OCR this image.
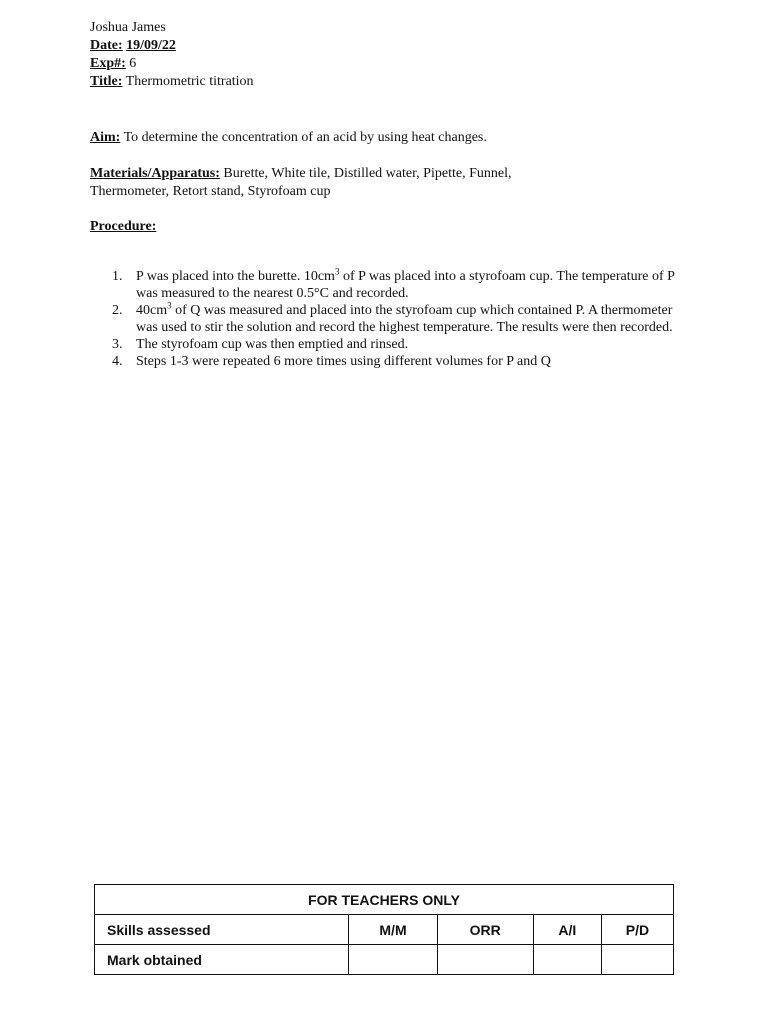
Joshua James
Date: 19/09/22
Exp#: 6
Title: Thermometric titration
Aim: To determine the concentration of an acid by using heat changes.
Materials/Apparatus: Burette, White tile, Distilled water, Pipette, Funnel,
Thermometer, Retort stand, Styrofoam cup
Procedure:
1. P was placed into the burette. $10cm^3$ of P was placed into a styrofoam cup. The temperature of P was measured to the nearest 0.5°C and recorded.
2. $40cm^3$ of Q was measured and placed into the styrofoam cup which contained P. A thermometer was used to stir the solution and record the highest temperature. The results were then recorded.
3. The styrofoam cup was then emptied and rinsed.
4. Steps 1-3 were repeated 6 more times using different volumes for P and Q
FOR TEACHERS ONLY				
Skills assessed	M/M	ORR	A/I	P/D
Mark obtained				
